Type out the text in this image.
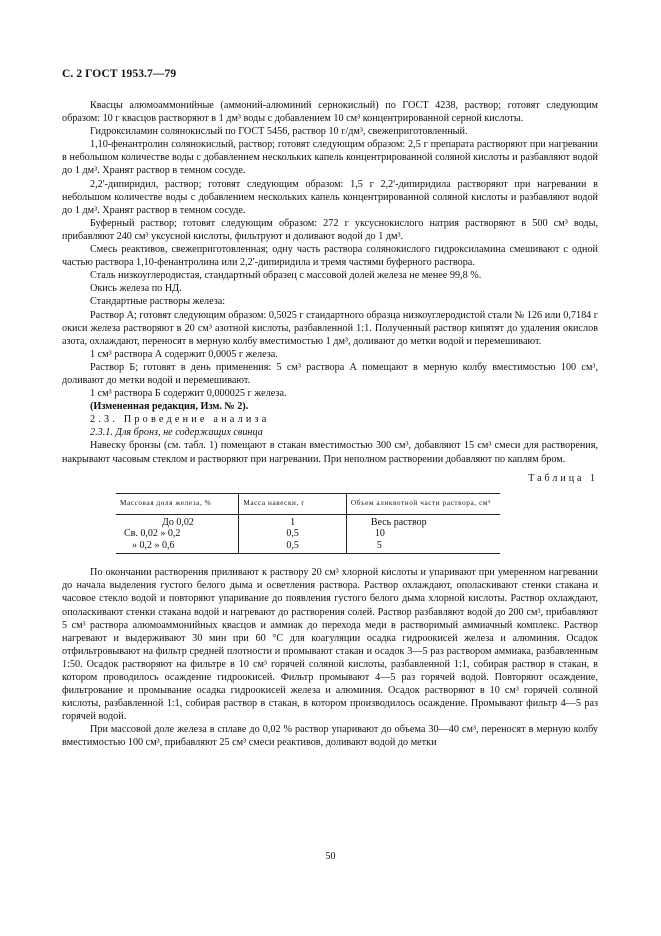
С. 2 ГОСТ 1953.7—79

Квасцы алюмоаммонийные (аммоний-алюминий сернокислый) по ГОСТ 4238, раствор; готовят следующим образом: 10 г квасцов растворяют в 1 дм³ воды с добавлением 10 см³ концентрированной серной кислоты.

Гидроксиламин солянокислый по ГОСТ 5456, раствор 10 г/дм³, свежеприготовленный.

1,10-фенантролин солянокислый, раствор; готовят следующим образом: 2,5 г препарата растворяют при нагревании в небольшом количестве воды с добавлением нескольких капель концентрированной соляной кислоты и разбавляют водой до 1 дм³. Хранят раствор в темном сосуде.

2,2'-дипиридил, раствор; готовят следующим образом: 1,5 г 2,2'-дипиридила растворяют при нагревании в небольшом количестве воды с добавлением нескольких капель концентрированной соляной кислоты и разбавляют водой до 1 дм³. Хранят раствор в темном сосуде.

Буферный раствор; готовят следующим образом: 272 г уксуснокислого натрия растворяют в 500 см³ воды, прибавляют 240 см³ уксусной кислоты, фильтруют и доливают водой до 1 дм³.

Смесь реактивов, свежеприготовленная; одну часть раствора солянокислого гидроксиламина смешивают с одной частью раствора 1,10-фенантролина или 2,2'-дипиридила и тремя частями буферного раствора.

Сталь низкоуглеродистая, стандартный образец с массовой долей железа не менее 99,8 %.

Окись железа по НД.

Стандартные растворы железа:

Раствор А; готовят следующим образом: 0,5025 г стандартного образца низкоуглеродистой стали № 126 или 0,7184 г окиси железа растворяют в 20 см³ азотной кислоты, разбавленной 1:1. Полученный раствор кипятят до удаления окислов азота, охлаждают, переносят в мерную колбу вместимостью 1 дм³, доливают до метки водой и перемешивают.

1 см³ раствора А содержит 0,0005 г железа.

Раствор Б; готовят в день применения: 5 см³ раствора А помещают в мерную колбу вместимостью 100 см³, доливают до метки водой и перемешивают.

1 см³ раствора Б содержит 0,000025 г железа.

(Измененная редакция, Изм. № 2).

2.3. Проведение анализа

2.3.1. Для бронз, не содержащих свинца

Навеску бронзы (см. табл. 1) помещают в стакан вместимостью 300 см³, добавляют 15 см³ смеси для растворения, накрывают часовым стеклом и растворяют при нагревании. При неполном растворении добавляют по каплям бром.

Таблица 1
Массовая доля железа, %	Масса навески, г	Объем аликвотной части раствора, см³
До 0,02	1	Весь раствор
Св. 0,02 » 0,2	0,5	10
» 0,2 » 0,6	0,5	5

По окончании растворения приливают к раствору 20 см³ хлорной кислоты и упаривают при умеренном нагревании до начала выделения густого белого дыма и осветления раствора. Раствор охлаждают, ополаскивают стенки стакана и часовое стекло водой и повторяют упаривание до появления густого белого дыма хлорной кислоты. Раствор охлаждают, ополаскивают стенки стакана водой и нагревают до растворения солей. Раствор разбавляют водой до 200 см³, прибавляют 5 см³ раствора алюмоаммонийных квасцов и аммиак до перехода меди в растворимый аммиачный комплекс. Раствор нагревают и выдерживают 30 мин при 60 °С для коагуляции осадка гидроокисей железа и алюминия. Осадок отфильтровывают на фильтр средней плотности и промывают стакан и осадок 3—5 раз раствором аммиака, разбавленным 1:50. Осадок растворяют на фильтре в 10 см³ горячей соляной кислоты, разбавленной 1:1, собирая раствор в стакан, в котором проводилось осаждение гидроокисей. Фильтр промывают 4—5 раз горячей водой. Повторяют осаждение, фильтрование и промывание осадка гидроокисей железа и алюминия. Осадок растворяют в 10 см³ горячей соляной кислоты, разбавленной 1:1, собирая раствор в стакан, в котором производилось осаждение. Промывают фильтр 4—5 раз горячей водой.

При массовой доле железа в сплаве до 0,02 % раствор упаривают до объема 30—40 см³, переносят в мерную колбу вместимостью 100 см³, прибавляют 25 см³ смеси реактивов, доливают водой до метки

50
